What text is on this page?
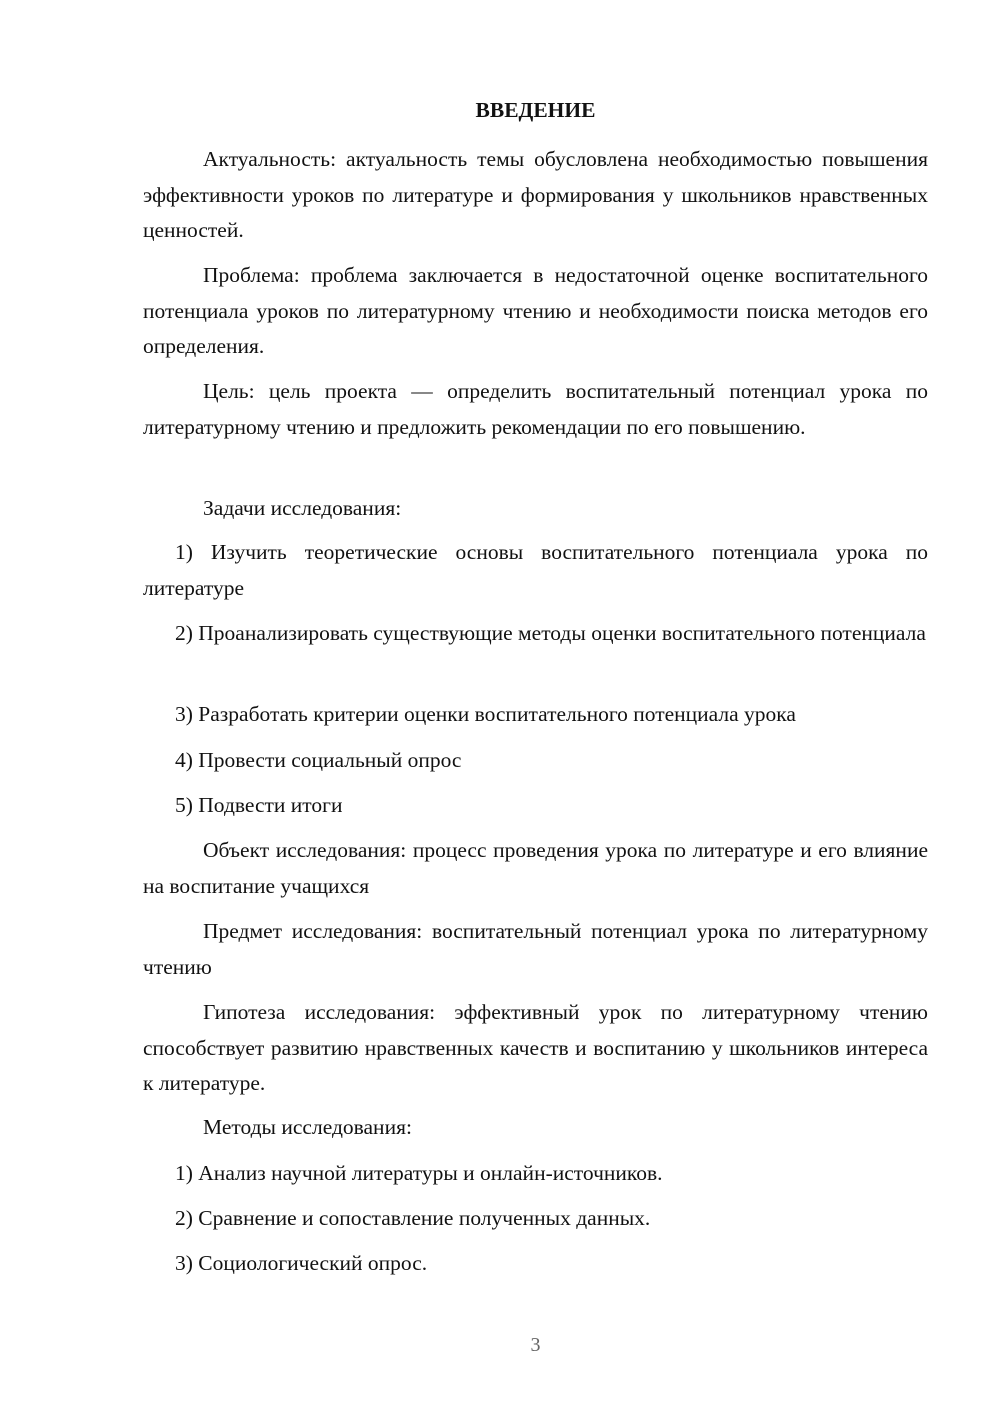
ВВЕДЕНИЕ

Актуальность: актуальность темы обусловлена необходимостью повышения эффективности уроков по литературе и формирования у школьников нравственных ценностей.

Проблема: проблема заключается в недостаточной оценке воспитательного потенциала уроков по литературному чтению и необходимости поиска методов его определения.

Цель: цель проекта — определить воспитательный потенциал урока по литературному чтению и предложить рекомендации по его повышению.

Задачи исследования:

1) Изучить теоретические основы воспитательного потенциала урока по литературе

2) Проанализировать существующие методы оценки воспитательного потенциала

3) Разработать критерии оценки воспитательного потенциала урока
4) Провести социальный опрос
5) Подвести итоги

Объект исследования: процесс проведения урока по литературе и его влияние на воспитание учащихся

Предмет исследования: воспитательный потенциал урока по литературному чтению

Гипотеза исследования: эффективный урок по литературному чтению способствует развитию нравственных качеств и воспитанию у школьников интереса к литературе.

Методы исследования:
1) Анализ научной литературы и онлайн-источников.
2) Сравнение и сопоставление полученных данных.
3) Социологический опрос.
3
